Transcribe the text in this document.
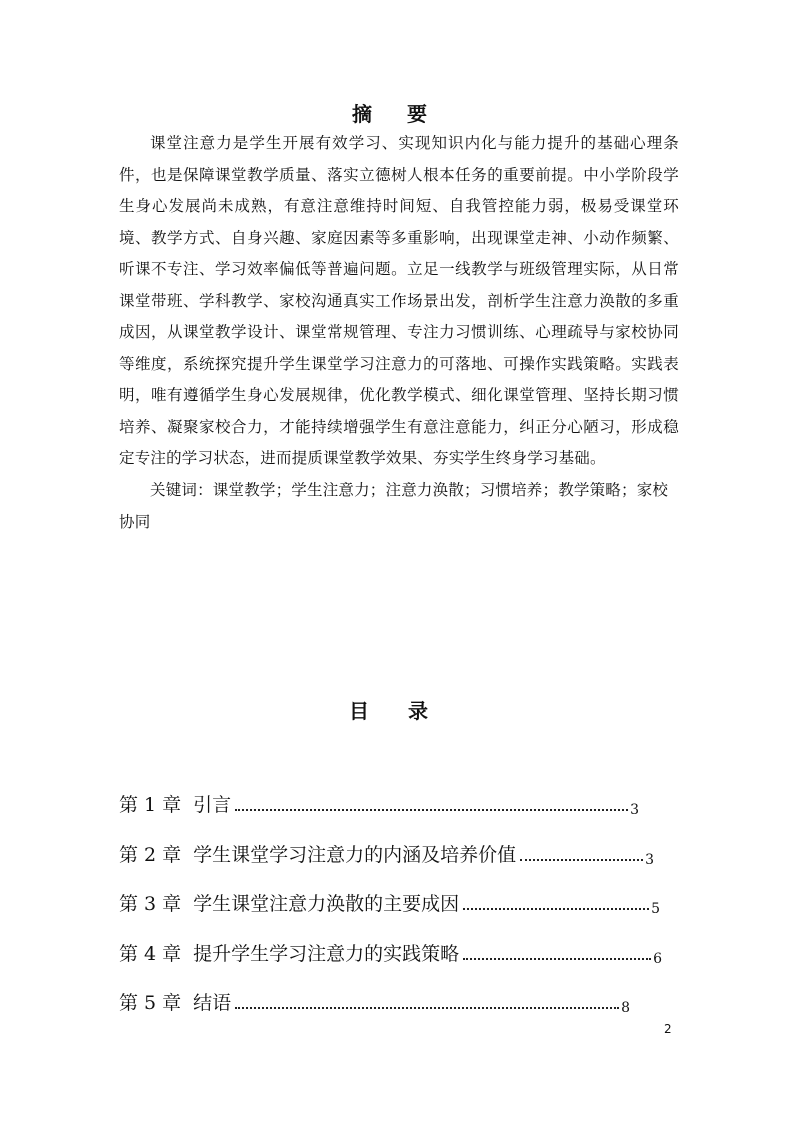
摘 要

课堂注意力是学生开展有效学习、实现知识内化与能力提升的基础心理条件，也是保障课堂教学质量、落实立德树人根本任务的重要前提。中小学阶段学生身心发展尚未成熟，有意注意维持时间短、自我管控能力弱，极易受课堂环境、教学方式、自身兴趣、家庭因素等多重影响，出现课堂走神、小动作频繁、听课不专注、学习效率偏低等普遍问题。立足一线教学与班级管理实际，从日常课堂带班、学科教学、家校沟通真实工作场景出发，剖析学生注意力涣散的多重成因，从课堂教学设计、课堂常规管理、专注力习惯训练、心理疏导与家校协同等维度，系统探究提升学生课堂学习注意力的可落地、可操作实践策略。实践表明，唯有遵循学生身心发展规律，优化教学模式、细化课堂管理、坚持长期习惯培养、凝聚家校合力，才能持续增强学生有意注意能力，纠正分心陋习，形成稳定专注的学习状态，进而提质课堂教学效果、夯实学生终身学习基础。

关键词：课堂教学；学生注意力；注意力涣散；习惯培养；教学策略；家校协同

目 录
第 1 章 引言	3
第 2 章 学生课堂学习注意力的内涵及培养价值	3
第 3 章 学生课堂注意力涣散的主要成因	5
第 4 章 提升学生学习注意力的实践策略	6
第 5 章 结语	8
2
